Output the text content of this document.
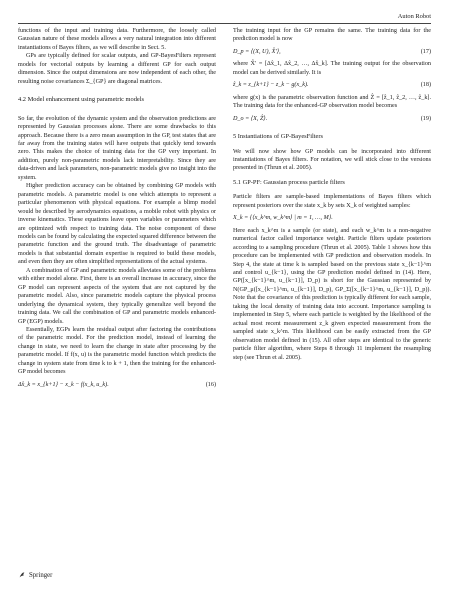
Auton Robot

functions of the input and training data. Furthermore, the loosely called Gaussian nature of these models allows a very natural integration into different instantiations of Bayes filters, as we will describe in Sect. 5.

GPs are typically defined for scalar outputs, and GP-BayesFilters represent models for vectorial outputs by learning a different GP for each output dimension. Since the output dimensions are now independent of each other, the resulting noise covariances Σ_{GP} are diagonal matrices.

4.2 Model enhancement using parametric models

So far, the evolution of the dynamic system and the observation predictions are represented by Gaussian processes alone. There are some drawbacks to this approach. Because there is a zero mean assumption in the GP, test states that are far away from the training states will have outputs that quickly tend towards zero. This makes the choice of training data for the GP very important. In addition, purely non-parametric models lack interpretability. Since they are data-driven and lack parameters, non-parametric models give no insight into the system.

Higher prediction accuracy can be obtained by combining GP models with parametric models. A parametric model is one which attempts to represent a particular phenomenon with physical equations. For example a blimp model would be described by aerodynamics equations, a mobile robot with physics or inverse kinematics. These equations leave open variables or parameters which are optimized with respect to training data. The noise component of these models can be found by calculating the expected squared difference between the parametric function and the ground truth. The disadvantage of parametric models is that substantial domain expertise is required to build these models, and even then they are often simplified representations of the actual systems.

A combination of GP and parametric models alleviates some of the problems with either model alone. First, there is an overall increase in accuracy, since the GP model can represent aspects of the system that are not captured by the parametric model. Also, since parametric models capture the physical process underlying the dynamical system, they typically generalize well beyond the training data. We call the combination of GP and parametric models enhanced-GP (EGP) models.

Essentially, EGPs learn the residual output after factoring the contributions of the parametric model. For the prediction model, instead of learning the change in state, we need to learn the change in state after processing by the parametric model. If f(x, u) is the parametric model function which predicts the change in system state from time k to k + 1, then the training for the enhanced-GP model becomes

Δx̂_k = x_{k+1} − x_k − f(x_k, u_k).	(16)

The training input for the GP remains the same. The training data for the prediction model is now

D_p = ⟨(X, U), X̂′⟩,	(17)

where X̂′ = [Δx̂_1, Δx̂_2, …, Δx̂_k]. The training output for the observation model can be derived similarly. It is

ẑ_k = z_{k+1} − z_k − g(x_k).	(18)

where g(x) is the parametric observation function and Ẑ = [ẑ_1, ẑ_2, …, ẑ_k]. The training data for the enhanced-GP observation model becomes

D_o = ⟨X, Ẑ⟩.	(19)

5 Instantiations of GP-BayesFilters

We will now show how GP models can be incorporated into different instantiations of Bayes filters. For notation, we will stick close to the versions presented in (Thrun et al. 2005).

5.1 GP-PF: Gaussian process particle filters

Particle filters are sample-based implementations of Bayes filters which represent posteriors over the state x_k by sets X_k of weighted samples:

X_k = {⟨x_k^m, w_k^m⟩ | m = 1, …, M}.

Here each x_k^m is a sample (or state), and each w_k^m is a non-negative numerical factor called importance weight. Particle filters update posteriors according to a sampling procedure (Thrun et al. 2005). Table 1 shows how this procedure can be implemented with GP prediction and observation models. In Step 4, the state at time k is sampled based on the previous state x_{k−1}^m and control u_{k−1}, using the GP prediction model defined in (14). Here, GP([x_{k−1}^m, u_{k−1}], D_p) is short for the Gaussian represented by N(GP_μ([x_{k−1}^m, u_{k−1}], D_p), GP_Σ([x_{k−1}^m, u_{k−1}], D_p)). Note that the covariance of this prediction is typically different for each sample, taking the local density of training data into account. Importance sampling is implemented in Step 5, where each particle is weighted by the likelihood of the actual most recent measurement z_k given expected measurement from the sampled state x_k^m. This likelihood can be easily extracted from the GP observation model defined in (15). All other steps are identical to the generic particle filter algorithm, where Steps 8 through 11 implement the resampling step (see Thrun et al. 2005).

Springer
